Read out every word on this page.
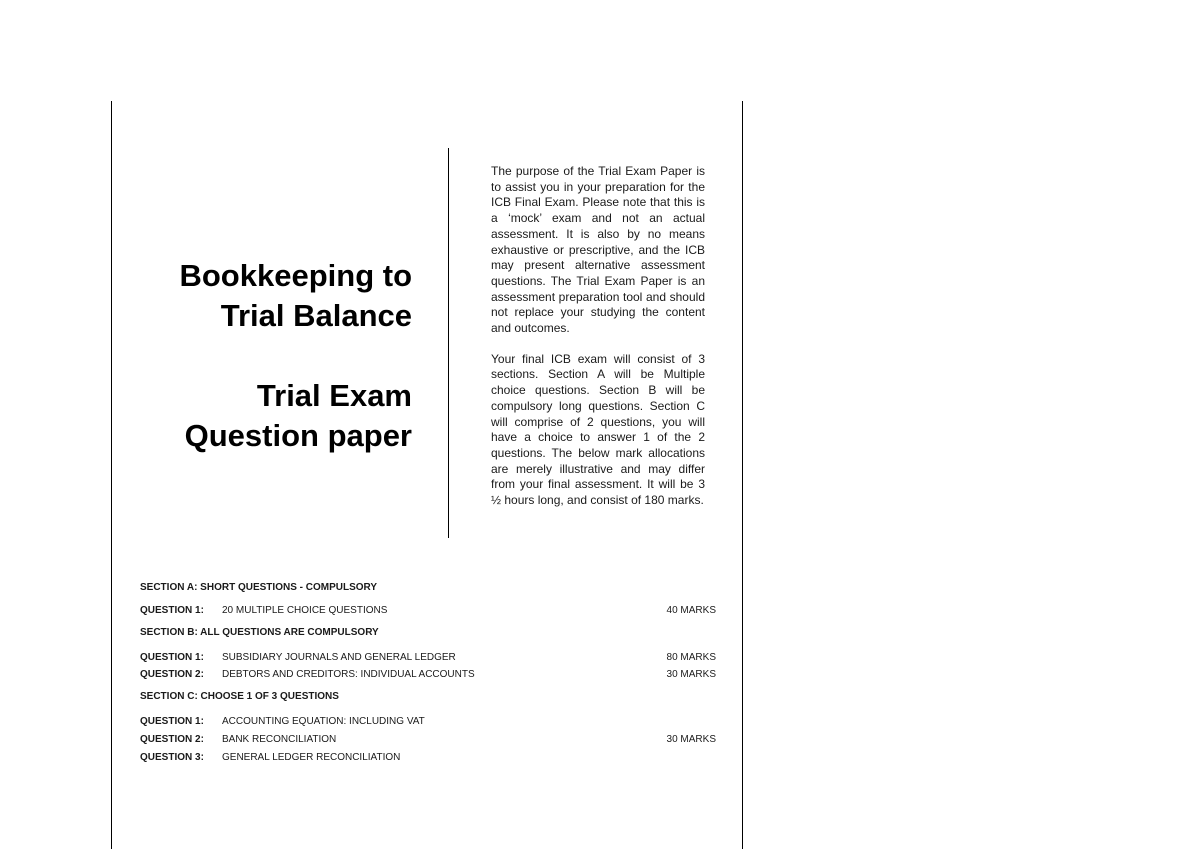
Bookkeeping to
Trial Balance
Trial Exam
Question paper

The purpose of the Trial Exam Paper is to assist you in your preparation for the ICB Final Exam. Please note that this is a ‘mock’ exam and not an actual assessment. It is also by no means exhaustive or prescriptive, and the ICB may present alternative assessment questions. The Trial Exam Paper is an assessment preparation tool and should not replace your studying the content and outcomes.

Your final ICB exam will consist of 3 sections. Section A will be Multiple choice questions. Section B will be compulsory long questions. Section C will comprise of 2 questions, you will have a choice to answer 1 of the 2 questions. The below mark allocations are merely illustrative and may differ from your final assessment. It will be 3 ½ hours long, and consist of 180 marks.

SECTION A: SHORT QUESTIONS - COMPULSORY
QUESTION 1: 20 MULTIPLE CHOICE QUESTIONS	40 MARKS
SECTION B: ALL QUESTIONS ARE COMPULSORY
QUESTION 1: SUBSIDIARY JOURNALS AND GENERAL LEDGER	80 MARKS
QUESTION 2: DEBTORS AND CREDITORS: INDIVIDUAL ACCOUNTS	30 MARKS
SECTION C: CHOOSE 1 OF 3 QUESTIONS
QUESTION 1: ACCOUNTING EQUATION: INCLUDING VAT
QUESTION 2: BANK RECONCILIATION	30 MARKS
QUESTION 3: GENERAL LEDGER RECONCILIATION
